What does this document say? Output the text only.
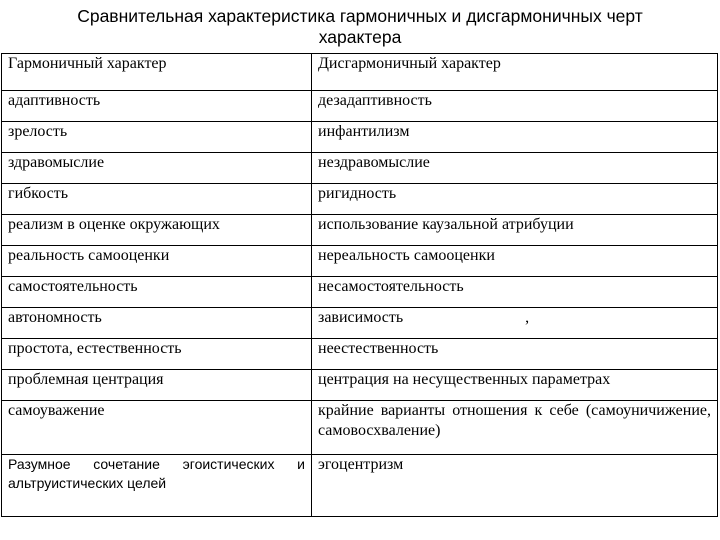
Сравнительная характеристика гармоничных и дисгармоничных черт
характера
Гармоничный характер	Дисгармоничный характер
адаптивность	дезадаптивность
зрелость	инфантилизм
здравомыслие	нездравомыслие
гибкость	ригидность
реализм в оценке окружающих	использование каузальной атрибуции
реальность самооценки	нереальность самооценки
самостоятельность	несамостоятельность
автономность	зависимость ,
простота, естественность	неестественность
проблемная центрация	центрация на несущественных параметрах
самоуважение	крайние варианты отношения к себе (самоуничижение, самовосхваление)
Разумное сочетание эгоистических и альтруистических целей	эгоцентризм
